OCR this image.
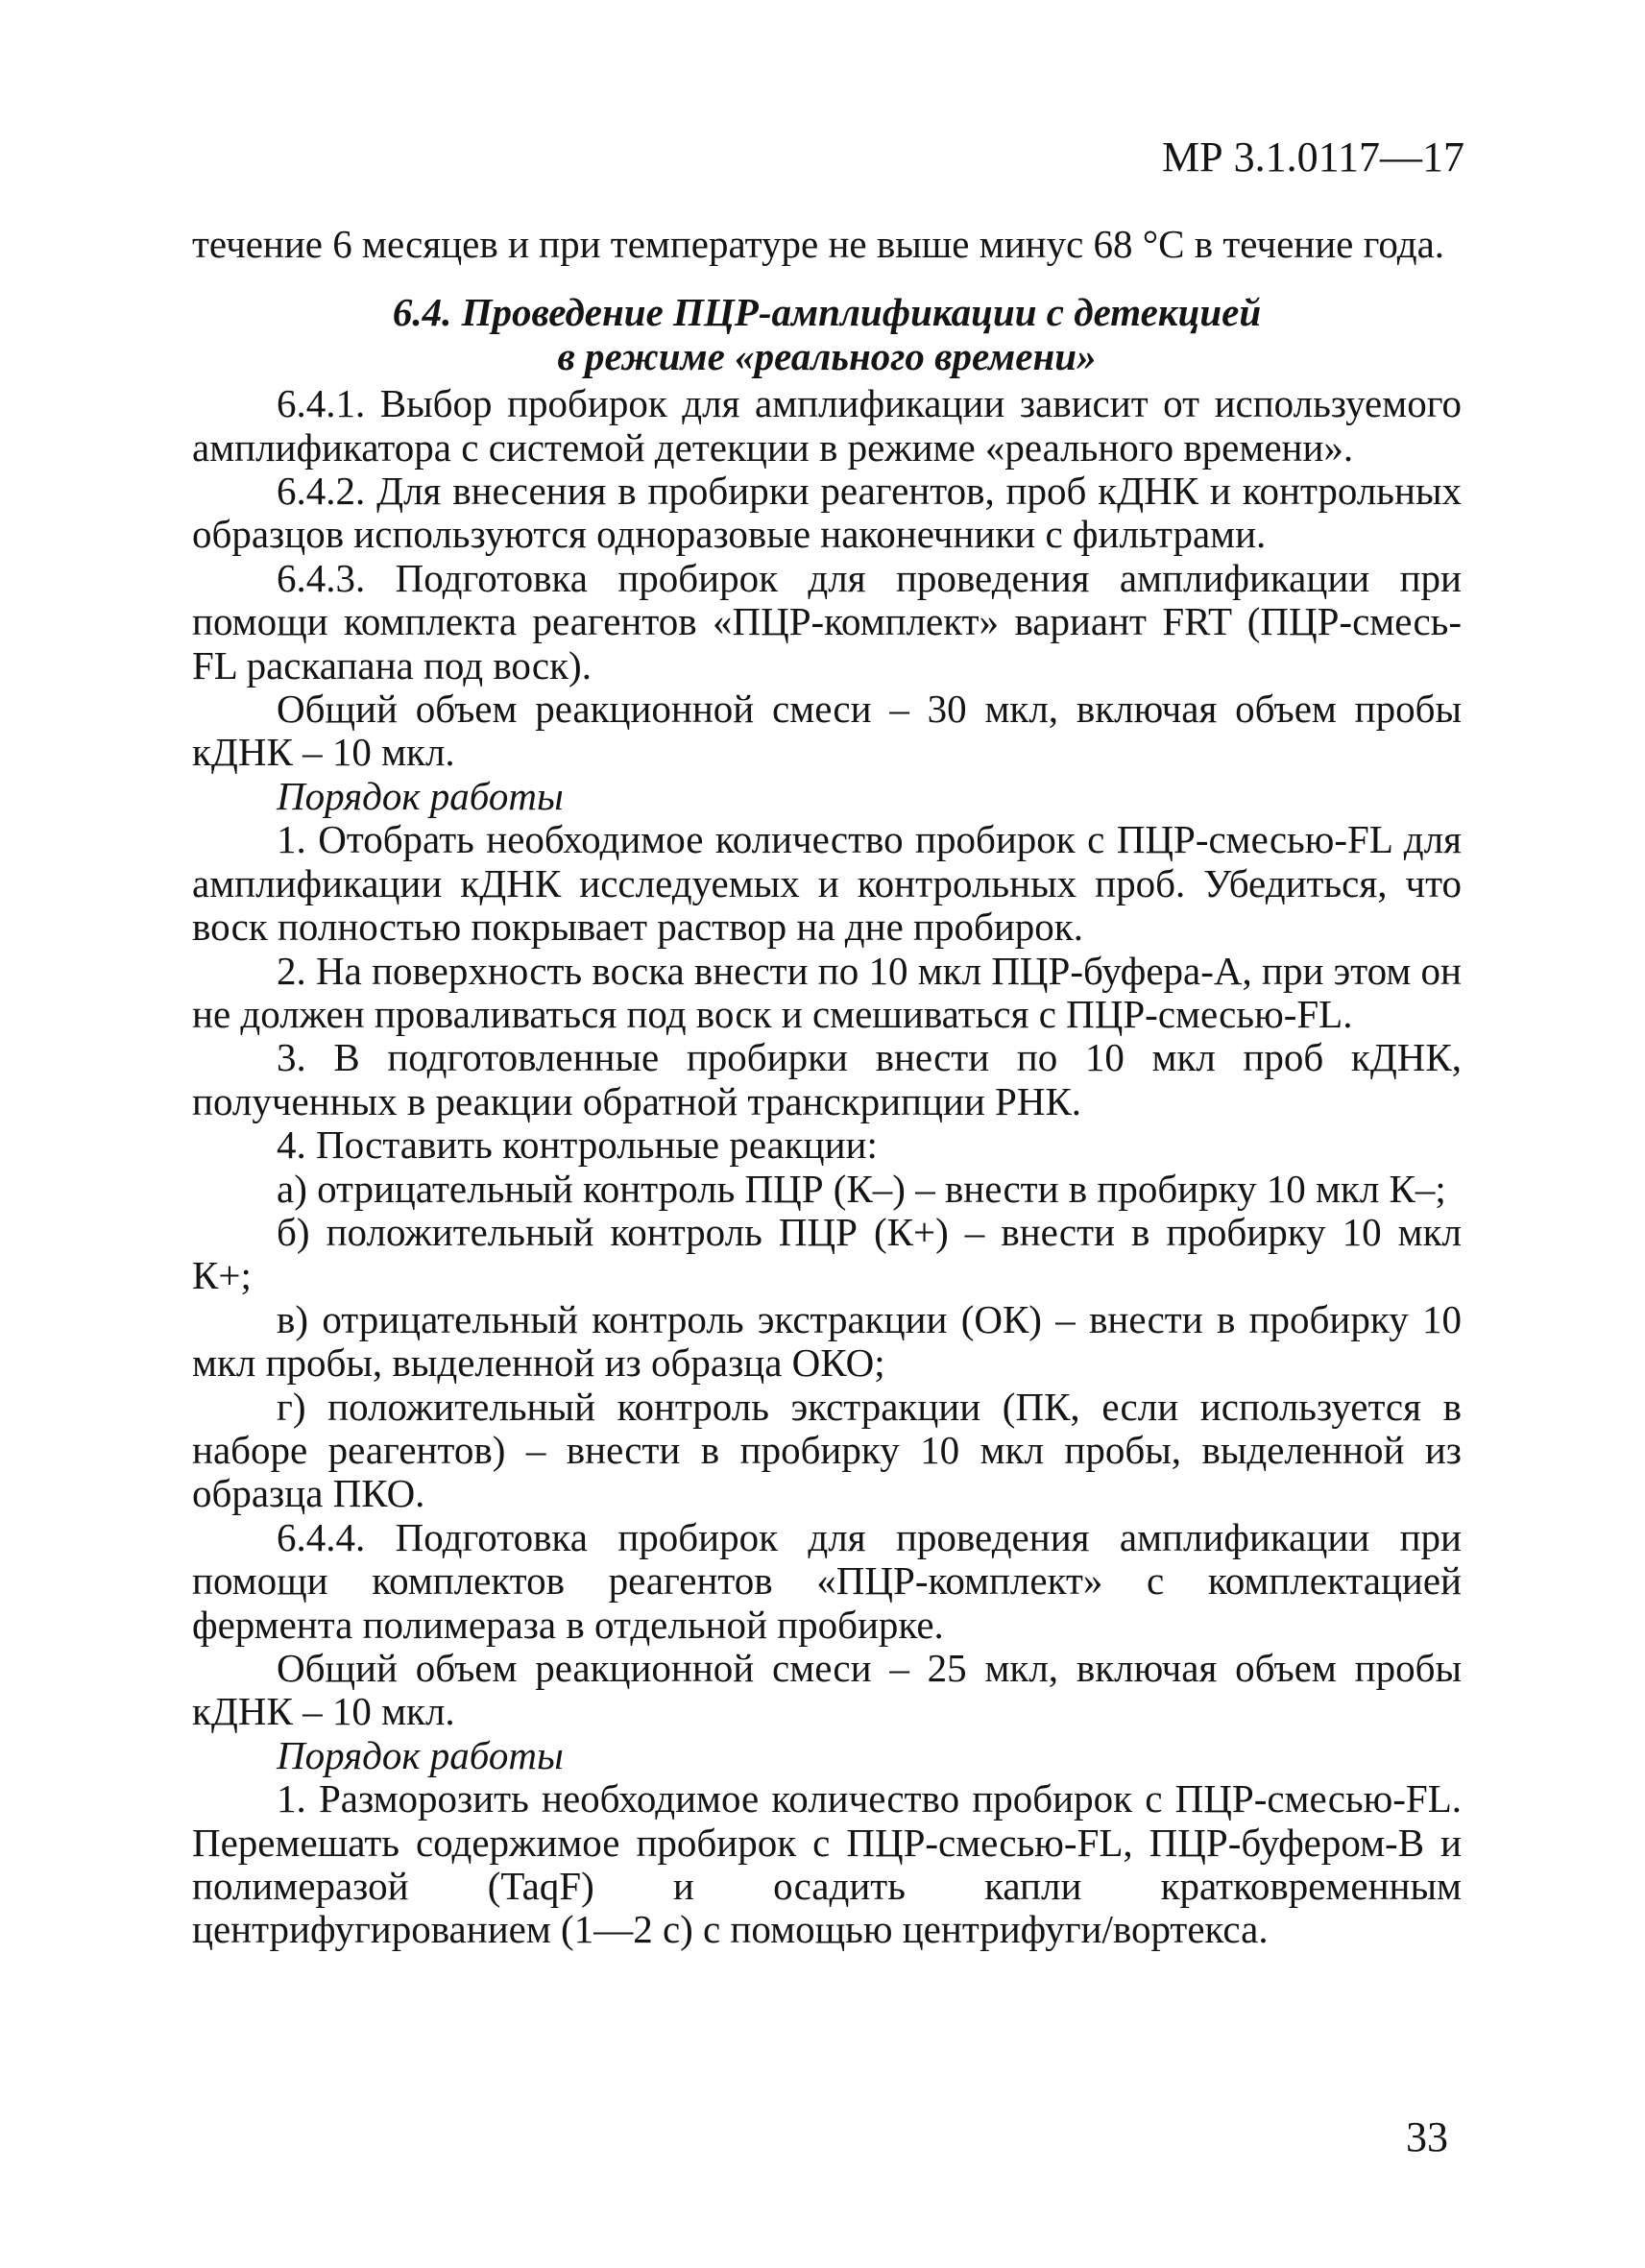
МР 3.1.0117—17

течение 6 месяцев и при температуре не выше минус 68 °С в течение года.

6.4. Проведение ПЦР-амплификации с детекцией
в режиме «реального времени»

6.4.1. Выбор пробирок для амплификации зависит от используемого амплификатора с системой детекции в режиме «реального времени».

6.4.2. Для внесения в пробирки реагентов, проб кДНК и контрольных образцов используются одноразовые наконечники с фильтрами.

6.4.3. Подготовка пробирок для проведения амплификации при помощи комплекта реагентов «ПЦР-комплект» вариант FRT (ПЦР-смесь-FL раскапана под воск).

Общий объем реакционной смеси – 30 мкл, включая объем пробы кДНК – 10 мкл.

Порядок работы

1. Отобрать необходимое количество пробирок с ПЦР-смесью-FL для амплификации кДНК исследуемых и контрольных проб. Убедиться, что воск полностью покрывает раствор на дне пробирок.

2. На поверхность воска внести по 10 мкл ПЦР-буфера-А, при этом он не должен проваливаться под воск и смешиваться с ПЦР-смесью-FL.

3. В подготовленные пробирки внести по 10 мкл проб кДНК, полученных в реакции обратной транскрипции РНК.

4. Поставить контрольные реакции:

а) отрицательный контроль ПЦР (К–) – внести в пробирку 10 мкл К–;

б) положительный контроль ПЦР (К+) – внести в пробирку 10 мкл К+;

в) отрицательный контроль экстракции (ОК) – внести в пробирку 10 мкл пробы, выделенной из образца ОКО;

г) положительный контроль экстракции (ПК, если используется в наборе реагентов) – внести в пробирку 10 мкл пробы, выделенной из образца ПКО.

6.4.4. Подготовка пробирок для проведения амплификации при помощи комплектов реагентов «ПЦР-комплект» с комплектацией фермента полимераза в отдельной пробирке.

Общий объем реакционной смеси – 25 мкл, включая объем пробы кДНК – 10 мкл.

Порядок работы

1. Разморозить необходимое количество пробирок с ПЦР-смесью-FL. Перемешать содержимое пробирок с ПЦР-смесью-FL, ПЦР-буфером-В и полимеразой (TaqF) и осадить капли кратковременным центрифугированием (1—2 с) с помощью центрифуги/вортекса.

33
